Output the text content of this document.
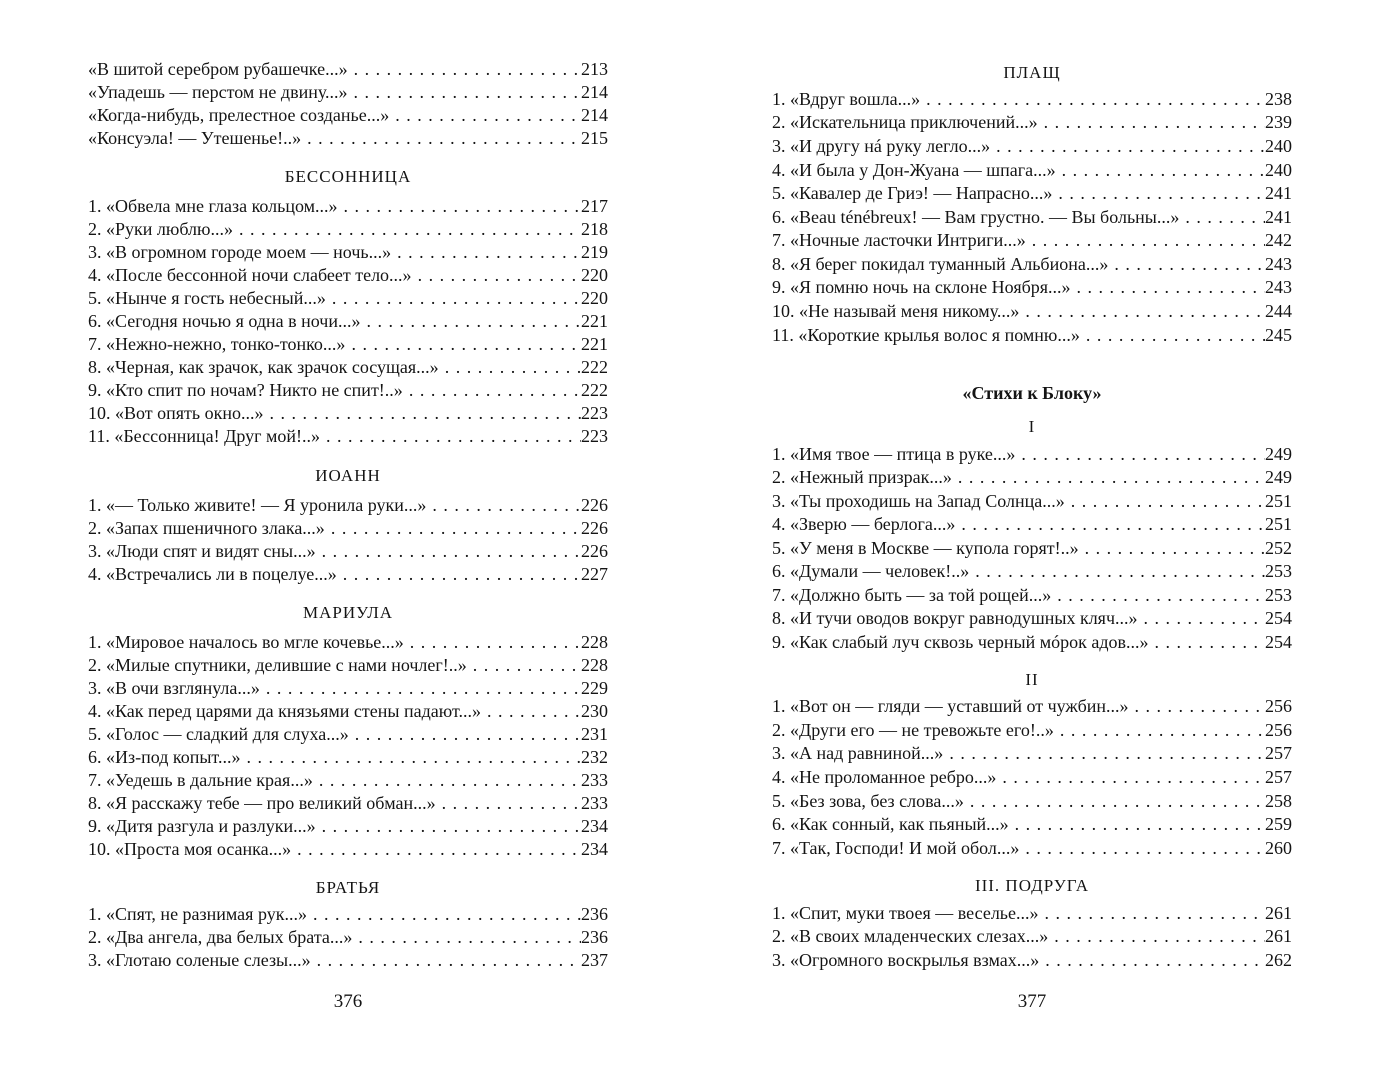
«В шитой серебром рубашечке...» . . .	213
«Упадешь — перстом не двину...» . . .	214
«Когда-нибудь, прелестное созданье...» . . .	214
«Консуэла! — Утешенье!..» . . .	215
БЕССОННИЦА
1. «Обвела мне глаза кольцом...» . . .	217
2. «Руки люблю...» . . .	218
3. «В огромном городе моем — ночь...» . . .	219
4. «После бессонной ночи слабеет тело...» . . .	220
5. «Нынче я гость небесный...» . . .	220
6. «Сегодня ночью я одна в ночи...» . . .	221
7. «Нежно-нежно, тонко-тонко...» . . .	221
8. «Черная, как зрачок, как зрачок сосущая...» . . .	222
9. «Кто спит по ночам? Никто не спит!..» . . .	222
10. «Вот опять окно...» . . .	223
11. «Бессонница! Друг мой!..» . . .	223
ИОАНН
1. «— Только живите! — Я уронила руки...» . . .	226
2. «Запах пшеничного злака...» . . .	226
3. «Люди спят и видят сны...» . . .	226
4. «Встречались ли в поцелуе...» . . .	227
МАРИУЛА
1. «Мировое началось во мгле кочевье...» . . .	228
2. «Милые спутники, делившие с нами ночлег!..» . . .	228
3. «В очи взглянула...» . . .	229
4. «Как перед царями да князьями стены падают...» . . .	230
5. «Голос — сладкий для слуха...» . . .	231
6. «Из-под копыт...» . . .	232
7. «Уедешь в дальние края...» . . .	233
8. «Я расскажу тебе — про великий обман...» . . .	233
9. «Дитя разгула и разлуки...» . . .	234
10. «Проста моя осанка...» . . .	234
БРАТЬЯ
1. «Спят, не разнимая рук...» . . .	236
2. «Два ангела, два белых брата...» . . .	236
3. «Глотаю соленые слезы...» . . .	237
376
ПЛАЩ
1. «Вдруг вошла...» . . .	238
2. «Искательница приключений...» . . .	239
3. «И другу нá руку легло...» . . .	240
4. «И была у Дон-Жуана — шпага...» . . .	240
5. «Кавалер де Гриэ! — Напрасно...» . . .	241
6. «Beau ténébreux! — Вам грустно. — Вы больны...» . . .	241
7. «Ночные ласточки Интриги...» . . .	242
8. «Я берег покидал туманный Альбиона...» . . .	243
9. «Я помню ночь на склоне Ноября...» . . .	243
10. «Не называй меня никому...» . . .	244
11. «Короткие крылья волос я помню...» . . .	245
«Стихи к Блоку»
I
1. «Имя твое — птица в руке...» . . .	249
2. «Нежный призрак...» . . .	249
3. «Ты проходишь на Запад Солнца...» . . .	251
4. «Зверю — берлога...» . . .	251
5. «У меня в Москве — купола горят!..» . . .	252
6. «Думали — человек!..» . . .	253
7. «Должно быть — за той рощей...» . . .	253
8. «И тучи оводов вокруг равнодушных кляч...» . . .	254
9. «Как слабый луч сквозь черный мóрок адов...» . . .	254
II
1. «Вот он — гляди — уставший от чужбин...» . . .	256
2. «Други его — не тревожьте его!..» . . .	256
3. «А над равниной...» . . .	257
4. «Не проломанное ребро...» . . .	257
5. «Без зова, без слова...» . . .	258
6. «Как сонный, как пьяный...» . . .	259
7. «Так, Господи! И мой обол...» . . .	260
III. ПОДРУГА
1. «Спит, муки твоея — веселье...» . . .	261
2. «В своих младенческих слезах...» . . .	261
3. «Огромного воскрылья взмах...» . . .	262
377
